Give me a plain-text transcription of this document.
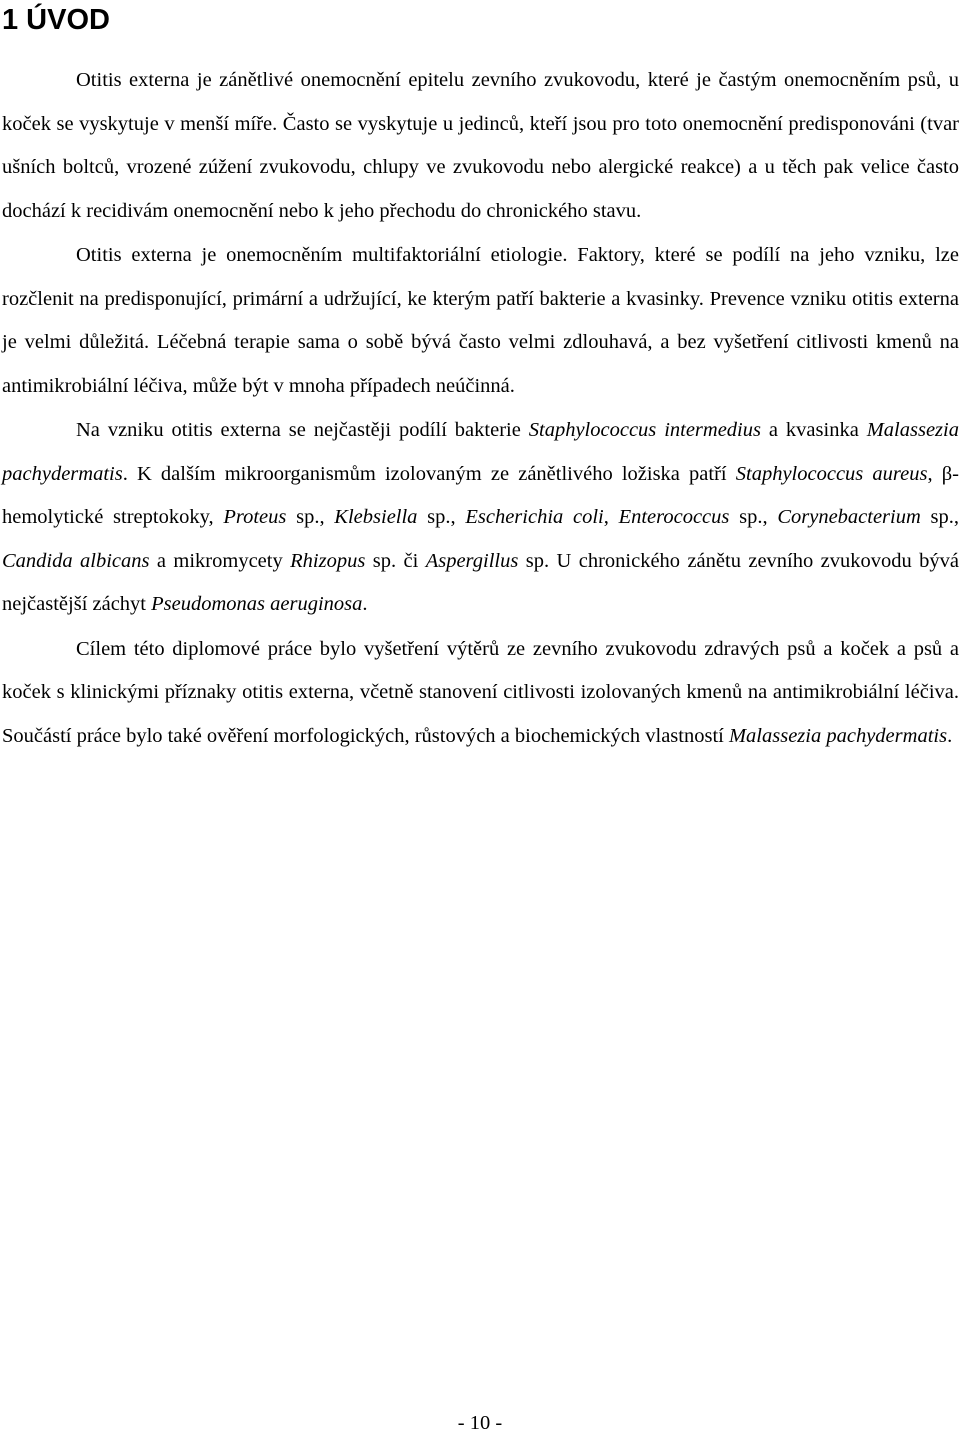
1 ÚVOD

Otitis externa je zánětlivé onemocnění epitelu zevního zvukovodu, které je častým onemocněním psů, u koček se vyskytuje v menší míře. Často se vyskytuje u jedinců, kteří jsou pro toto onemocnění predisponováni (tvar ušních boltců, vrozené zúžení zvukovodu, chlupy ve zvukovodu nebo alergické reakce) a u těch pak velice často dochází k recidivám onemocnění nebo k jeho přechodu do chronického stavu.

Otitis externa je onemocněním multifaktoriální etiologie. Faktory, které se podílí na jeho vzniku, lze rozčlenit na predisponující, primární a udržující, ke kterým patří bakterie a kvasinky. Prevence vzniku otitis externa je velmi důležitá. Léčebná terapie sama o sobě bývá často velmi zdlouhavá, a bez vyšetření citlivosti kmenů na antimikrobiální léčiva, může být v mnoha případech neúčinná.

Na vzniku otitis externa se nejčastěji podílí bakterie Staphylococcus intermedius a kvasinka Malassezia pachydermatis. K dalším mikroorganismům izolovaným ze zánětlivého ložiska patří Staphylococcus aureus, β-hemolytické streptokoky, Proteus sp., Klebsiella sp., Escherichia coli, Enterococcus sp., Corynebacterium sp., Candida albicans a mikromycety Rhizopus sp. či Aspergillus sp. U chronického zánětu zevního zvukovodu bývá nejčastější záchyt Pseudomonas aeruginosa.

Cílem této diplomové práce bylo vyšetření výtěrů ze zevního zvukovodu zdravých psů a koček a psů a koček s klinickými příznaky otitis externa, včetně stanovení citlivosti izolovaných kmenů na antimikrobiální léčiva. Součástí práce bylo také ověření morfologických, růstových a biochemických vlastností Malassezia pachydermatis.

- 10 -
